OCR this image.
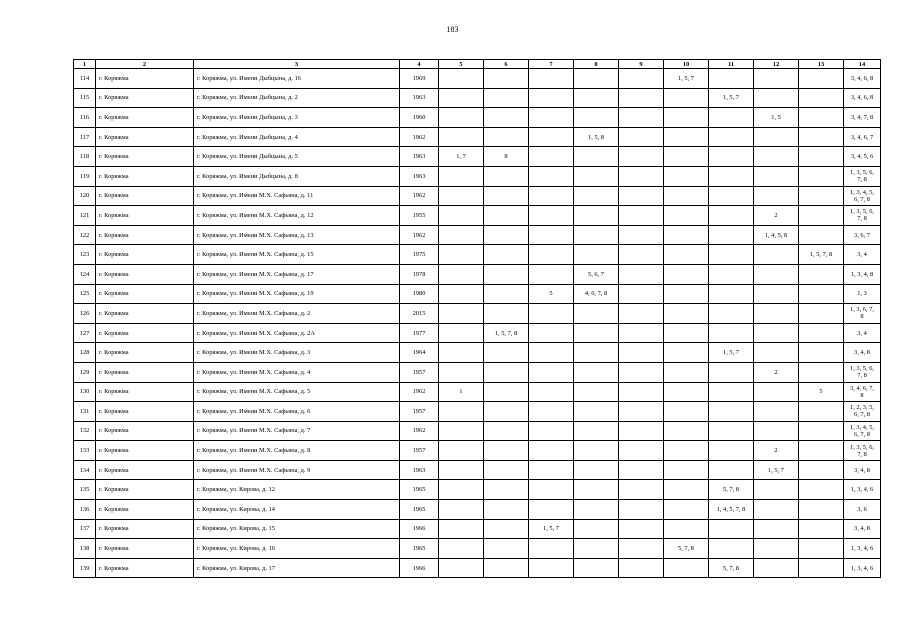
183
1	2	3	4	5	6	7	8	9	10	11	12	13	14
114	г. Коряжма	г. Коряжма, ул. Имени Дыбцына, д. 16	1969						1, 5, 7				3, 4, 6, 8
115	г. Коряжма	г. Коряжма, ул. Имени Дыбцына, д. 2	1963							1, 5, 7			3, 4, 6, 8
116	г. Коряжма	г. Коряжма, ул. Имени Дыбцына, д. 3	1960								1, 5		3, 4, 7, 8
117	г. Коряжма	г. Коряжма, ул. Имени Дыбцына, д. 4	1962				1, 5, 8						3, 4, 6, 7
118	г. Коряжма	г. Коряжма, ул. Имени Дыбцына, д. 5	1963	1, 7	8								3, 4, 5, 6
119	г. Коряжма	г. Коряжма, ул. Имени Дыбцына, д. 8	1963										1, 3, 5, 6, 7, 8
120	г. Коряжма	г. Коряжма, ул. Имени М.Х. Сафьяна, д. 11	1962										1, 3, 4, 5, 6, 7, 8
121	г. Коряжма	г. Коряжма, ул. Имени М.Х. Сафьяна, д. 12	1955								2		1, 3, 5, 6, 7, 8
122	г. Коряжма	г. Коряжма, ул. Имени М.Х. Сафьяна, д. 13	1962								1, 4, 5, 8		3, 6, 7
123	г. Коряжма	г. Коряжма, ул. Имени М.Х. Сафьяна, д. 15	1975									1, 5, 7, 8	3, 4
124	г. Коряжма	г. Коряжма, ул. Имени М.Х. Сафьяна, д. 17	1978				5, 6, 7						1, 3, 4, 8
125	г. Коряжма	г. Коряжма, ул. Имени М.Х. Сафьяна, д. 19	1980			5	4, 6, 7, 8						1, 3
126	г. Коряжма	г. Коряжма, ул. Имени М.Х. Сафьяна, д. 2	2015										1, 3, 6, 7, 8
127	г. Коряжма	г. Коряжма, ул. Имени М.Х. Сафьяна, д. 2А	1977		1, 5, 7, 8								3, 4
128	г. Коряжма	г. Коряжма, ул. Имени М.Х. Сафьяна, д. 3	1964							1, 5, 7			3, 4, 8
129	г. Коряжма	г. Коряжма, ул. Имени М.Х. Сафьяна, д. 4	1957								2		1, 3, 5, 6, 7, 8
130	г. Коряжма	г. Коряжма, ул. Имени М.Х. Сафьяна, д. 5	1962	1								5	3, 4, 6, 7, 8
131	г. Коряжма	г. Коряжма, ул. Имени М.Х. Сафьяна, д. 6	1957										1, 2, 3, 5, 6, 7, 8
132	г. Коряжма	г. Коряжма, ул. Имени М.Х. Сафьяна, д. 7	1962										1, 3, 4, 5, 6, 7, 8
133	г. Коряжма	г. Коряжма, ул. Имени М.Х. Сафьяна, д. 8	1957								2		1, 3, 5, 6, 7, 8
134	г. Коряжма	г. Коряжма, ул. Имени М.Х. Сафьяна, д. 9	1963								1, 5, 7		3, 4, 8
135	г. Коряжма	г. Коряжма, ул. Кирова, д. 12	1965							5, 7, 8			1, 3, 4, 6
136	г. Коряжма	г. Коряжма, ул. Кирова, д. 14	1965							1, 4, 5, 7, 8			3, 6
137	г. Коряжма	г. Коряжма, ул. Кирова, д. 15	1966			1, 5, 7							3, 4, 8
138	г. Коряжма	г. Коряжма, ул. Кирова, д. 16	1965						5, 7, 8				1, 3, 4, 6
139	г. Коряжма	г. Коряжма, ул. Кирова, д. 17	1966							5, 7, 8			1, 3, 4, 6
